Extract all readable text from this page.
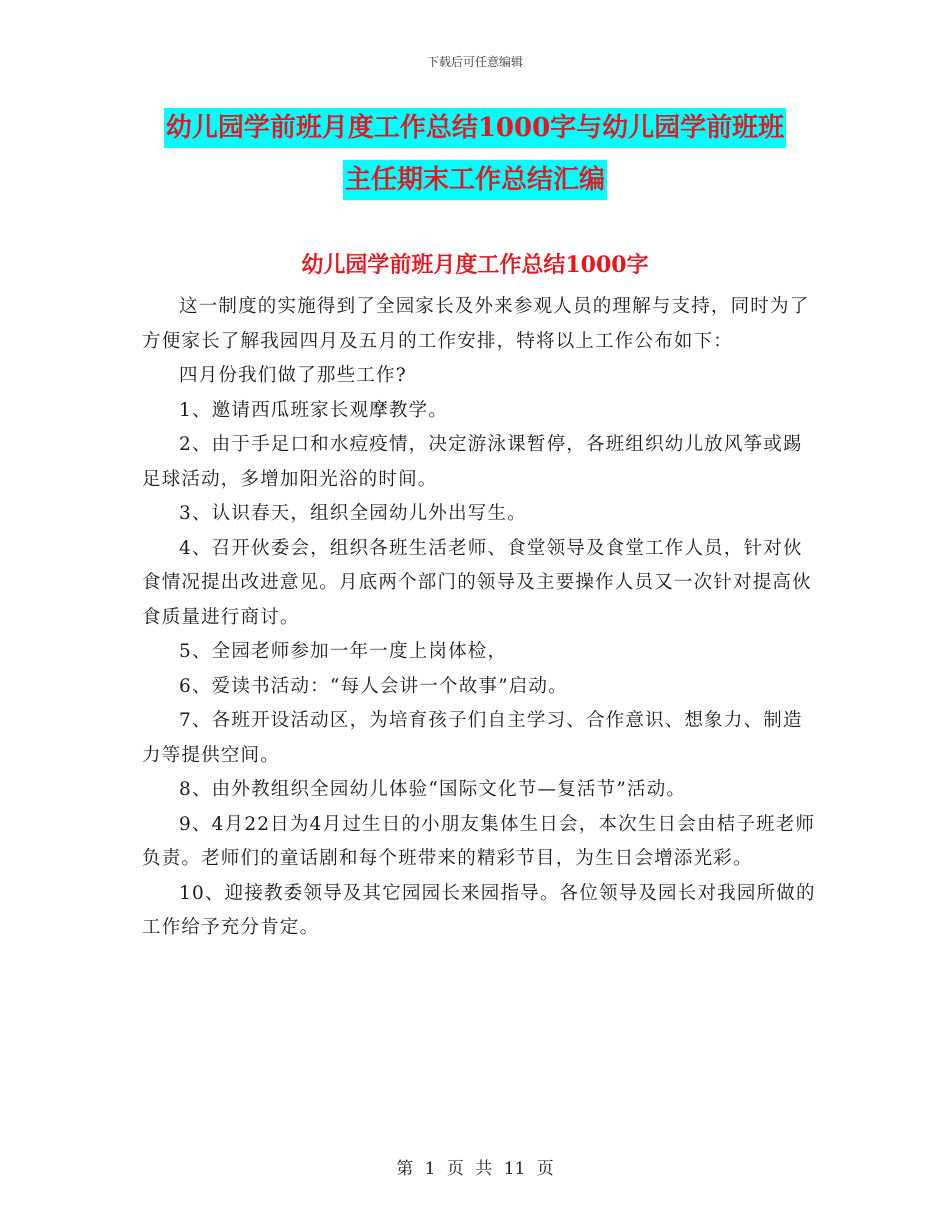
下载后可任意编辑
幼儿园学前班月度工作总结1000字与幼儿园学前班班
主任期末工作总结汇编
幼儿园学前班月度工作总结1000字

这一制度的实施得到了全园家长及外来参观人员的理解与支持，同时为了方便家长了解我园四月及五月的工作安排，特将以上工作公布如下：

四月份我们做了那些工作?

1、邀请西瓜班家长观摩教学。

2、由于手足口和水痘疫情，决定游泳课暂停，各班组织幼儿放风筝或踢足球活动，多增加阳光浴的时间。

3、认识春天，组织全园幼儿外出写生。

4、召开伙委会，组织各班生活老师、食堂领导及食堂工作人员，针对伙食情况提出改进意见。月底两个部门的领导及主要操作人员又一次针对提高伙食质量进行商讨。

5、全园老师参加一年一度上岗体检，

6、爱读书活动：“每人会讲一个故事”启动。

7、各班开设活动区，为培育孩子们自主学习、合作意识、想象力、制造力等提供空间。

8、由外教组织全园幼儿体验“国际文化节—复活节”活动。

9、4月22日为4月过生日的小朋友集体生日会，本次生日会由桔子班老师负责。老师们的童话剧和每个班带来的精彩节目，为生日会增添光彩。

10、迎接教委领导及其它园园长来园指导。各位领导及园长对我园所做的工作给予充分肯定。

第 1 页 共 11 页
